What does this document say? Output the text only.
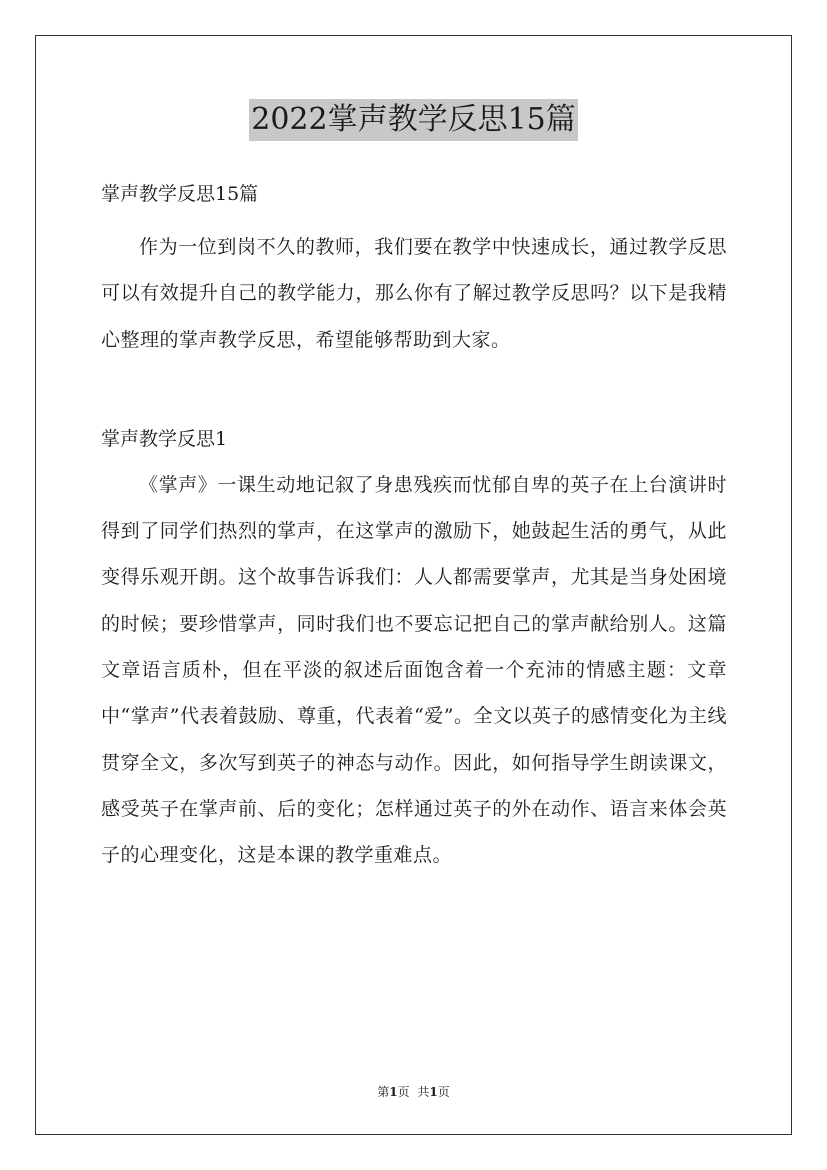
2022掌声教学反思15篇

掌声教学反思15篇

作为一位到岗不久的教师，我们要在教学中快速成长，通过教学反思可以有效提升自己的教学能力，那么你有了解过教学反思吗？以下是我精心整理的掌声教学反思，希望能够帮助到大家。

掌声教学反思1

《掌声》一课生动地记叙了身患残疾而忧郁自卑的英子在上台演讲时得到了同学们热烈的掌声，在这掌声的激励下，她鼓起生活的勇气，从此变得乐观开朗。这个故事告诉我们：人人都需要掌声，尤其是当身处困境的时候；要珍惜掌声，同时我们也不要忘记把自己的掌声献给别人。这篇文章语言质朴，但在平淡的叙述后面饱含着一个充沛的情感主题：文章中“掌声”代表着鼓励、尊重，代表着“爱”。全文以英子的感情变化为主线贯穿全文，多次写到英子的神态与动作。因此，如何指导学生朗读课文，感受英子在掌声前、后的变化；怎样通过英子的外在动作、语言来体会英子的心理变化，这是本课的教学重难点。

第1页 共1页
